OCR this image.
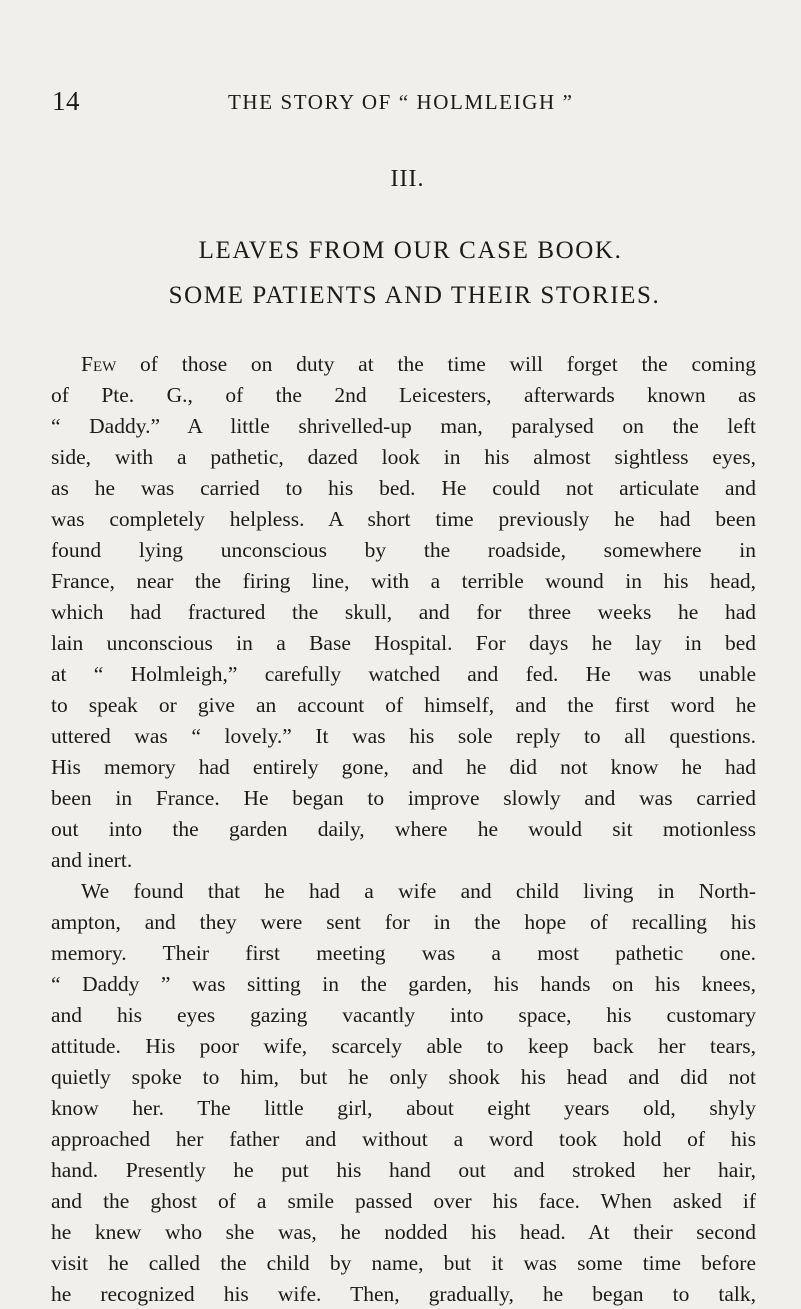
14	THE STORY OF “ HOLMLEIGH ”
III.
LEAVES FROM OUR CASE BOOK.
SOME PATIENTS AND THEIR STORIES.
Few of those on duty at the time will forget the coming
of Pte. G., of the 2nd Leicesters, afterwards known as
“ Daddy.” A little shrivelled-up man, paralysed on the left
side, with a pathetic, dazed look in his almost sightless eyes,
as he was carried to his bed. He could not articulate and
was completely helpless. A short time previously he had been
found lying unconscious by the roadside, somewhere in
France, near the firing line, with a terrible wound in his head,
which had fractured the skull, and for three weeks he had
lain unconscious in a Base Hospital. For days he lay in bed
at “ Holmleigh,” carefully watched and fed. He was unable
to speak or give an account of himself, and the first word he
uttered was “ lovely.” It was his sole reply to all questions.
His memory had entirely gone, and he did not know he had
been in France. He began to improve slowly and was carried
out into the garden daily, where he would sit motionless
and inert.
We found that he had a wife and child living in North-
ampton, and they were sent for in the hope of recalling his
memory. Their first meeting was a most pathetic one.
“ Daddy ” was sitting in the garden, his hands on his knees,
and his eyes gazing vacantly into space, his customary
attitude. His poor wife, scarcely able to keep back her tears,
quietly spoke to him, but he only shook his head and did not
know her. The little girl, about eight years old, shyly
approached her father and without a word took hold of his
hand. Presently he put his hand out and stroked her hair,
and the ghost of a smile passed over his face. When asked if
he knew who she was, he nodded his head. At their second
visit he called the child by name, but it was some time before
he recognized his wife. Then, gradually, he began to talk,
